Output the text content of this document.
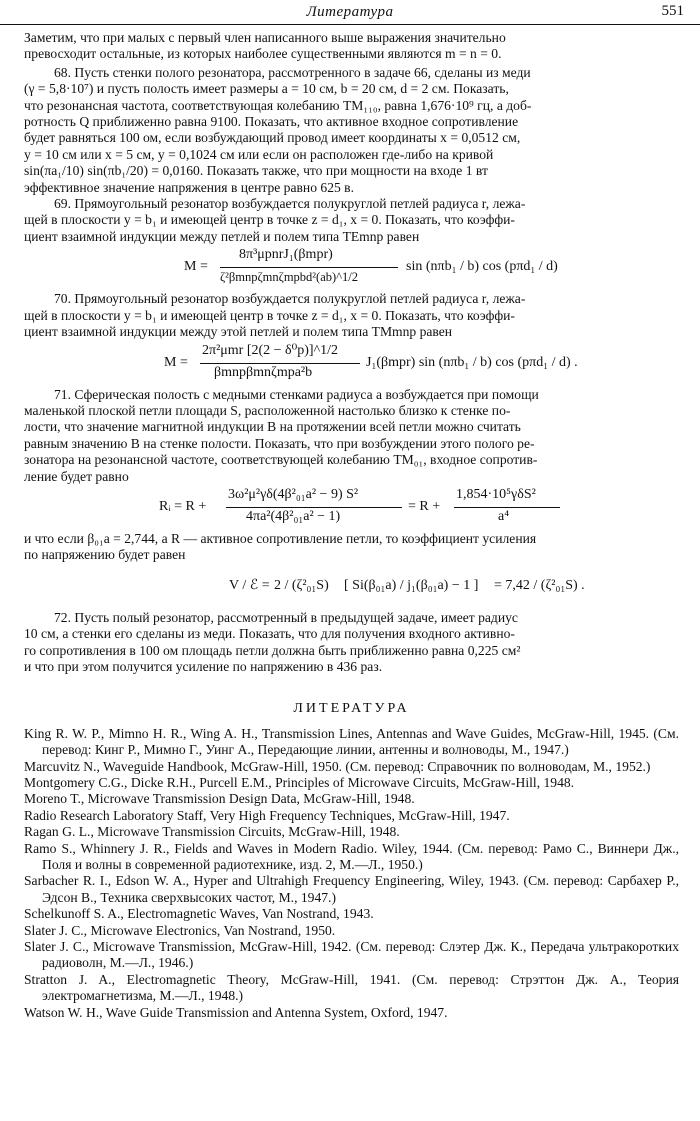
Литература	551

Заметим, что при малых c первый член написанного выше выражения значительно
превосходит остальные, из которых наиболее существенными являются m = n = 0.

68. Пусть стенки полого резонатора, рассмотренного в задаче 66, сделаны из меди
(γ = 5,8·10⁷) и пусть полость имеет размеры a = 10 см, b = 20 см, d = 2 см. Показать,
что резонансная частота, соответствующая колебанию TM₁₁₀, равна 1,676·10⁹ гц, а доб-
ротность Q приближенно равна 9100. Показать, что активное входное сопротивление
будет равняться 100 ом, если возбуждающий провод имеет координаты x = 0,0512 см,
y = 10 см или x = 5 см, y = 0,1024 см или если он расположен где-либо на кривой
sin(πa₁/10) sin(πb₁/20) = 0,0160. Показать также, что при мощности на входе 1 вт
эффективное значение напряжения в центре равно 625 в.

69. Прямоугольный резонатор возбуждается полукруглой петлей радиуса r, лежа-
щей в плоскости y = b₁ и имеющей центр в точке z = d₁, x = 0. Показать, что коэффи-
циент взаимной индукции между петлей и полем типа TEmnp равен

M =
8π³μpnrJ₁(βmpr)
ζ²βmnpζmnζmpbd²(ab)^1/2
sin (nπb₁ / b) cos (pπd₁ / d)

70. Прямоугольный резонатор возбуждается полукруглой петлей радиуса r, лежа-
щей в плоскости y = b₁ и имеющей центр в точке z = d₁, x = 0. Показать, что коэффи-
циент взаимной индукции между этой петлей и полем типа TMmnp равен

M =
2π²μmr [2(2 − δ⁰p)]^1/2
βmnpβmnζmpa²b
J₁(βmpr) sin (nπb₁ / b) cos (pπd₁ / d) .

71. Сферическая полость с медными стенками радиуса a возбуждается при помощи
маленькой плоской петли площади S, расположенной настолько близко к стенке по-
лости, что значение магнитной индукции B на протяжении всей петли можно считать
равным значению B на стенке полости. Показать, что при возбуждении этого полого ре-
зонатора на резонансной частоте, соответствующей колебанию TM₀₁, входное сопротив-
ление будет равно

Rᵢ = R +
3ω²μ²γδ(4β²₀₁a² − 9) S²
4πa²(4β²₀₁a² − 1)
= R +
1,854·10⁵γδS²
a⁴

и что если β₀₁a = 2,744, а R — активное сопротивление петли, то коэффициент усиления
по напряжению будет равен

V / ℰ = 2 / (ζ²₀₁S) [ Si(β₀₁a) / j₁(β₀₁a) − 1 ] = 7,42 / (ζ²₀₁S) .

72. Пусть полый резонатор, рассмотренный в предыдущей задаче, имеет радиус
10 см, а стенки его сделаны из меди. Показать, что для получения входного активно-
го сопротивления в 100 ом площадь петли должна быть приближенно равна 0,225 см²
и что при этом получится усиление по напряжению в 436 раз.

ЛИТЕРАТУРА

King R. W. P., Mimno H. R., Wing A. H., Transmission Lines, Antennas and Wave Guides, McGraw-Hill, 1945. (См. перевод: Кинг Р., Мимно Г., Уинг А., Передающие линии, антенны и волноводы, М., 1947.)

Marcuvitz N., Waveguide Handbook, McGraw-Hill, 1950. (См. перевод: Справочник по волноводам, М., 1952.)

Montgomery C.G., Dicke R.H., Purcell E.M., Principles of Microwave Circuits, McGraw-Hill, 1948.

Moreno T., Microwave Transmission Design Data, McGraw-Hill, 1948.

Radio Research Laboratory Staff, Very High Frequency Techniques, McGraw-Hill, 1947.

Ragan G. L., Microwave Transmission Circuits, McGraw-Hill, 1948.

Ramo S., Whinnery J. R., Fields and Waves in Modern Radio. Wiley, 1944. (См. перевод: Рамо С., Виннери Дж., Поля и волны в современной радиотехнике, изд. 2, М.—Л., 1950.)

Sarbacher R. I., Edson W. A., Hyper and Ultrahigh Frequency Engineering, Wiley, 1943. (См. перевод: Сарбахер Р., Эдсон В., Техника сверхвысоких частот, М., 1947.)

Schelkunoff S. A., Electromagnetic Waves, Van Nostrand, 1943.

Slater J. C., Microwave Electronics, Van Nostrand, 1950.

Slater J. C., Microwave Transmission, McGraw-Hill, 1942. (См. перевод: Слэтер Дж. К., Передача ультракоротких радиоволн, М.—Л., 1946.)

Stratton J. A., Electromagnetic Theory, McGraw-Hill, 1941. (См. перевод: Стрэттон Дж. А., Теория электромагнетизма, М.—Л., 1948.)

Watson W. H., Wave Guide Transmission and Antenna System, Oxford, 1947.
